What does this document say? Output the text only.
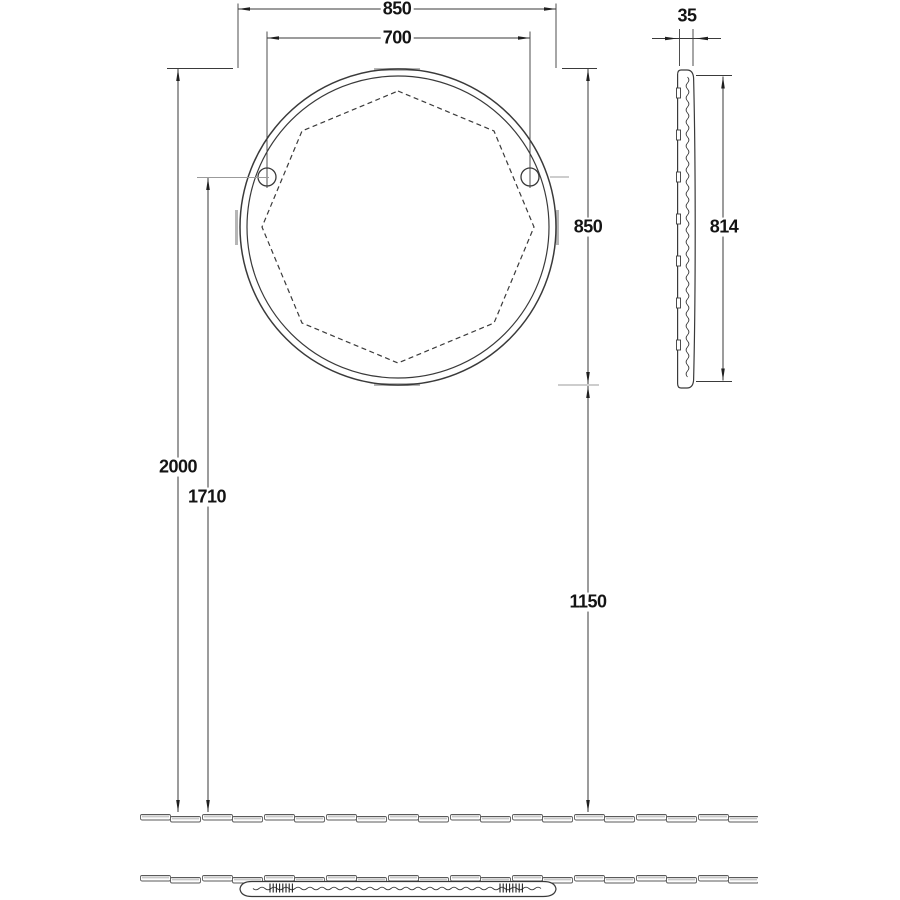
850
700
35
2000
1710
850	814
1150
